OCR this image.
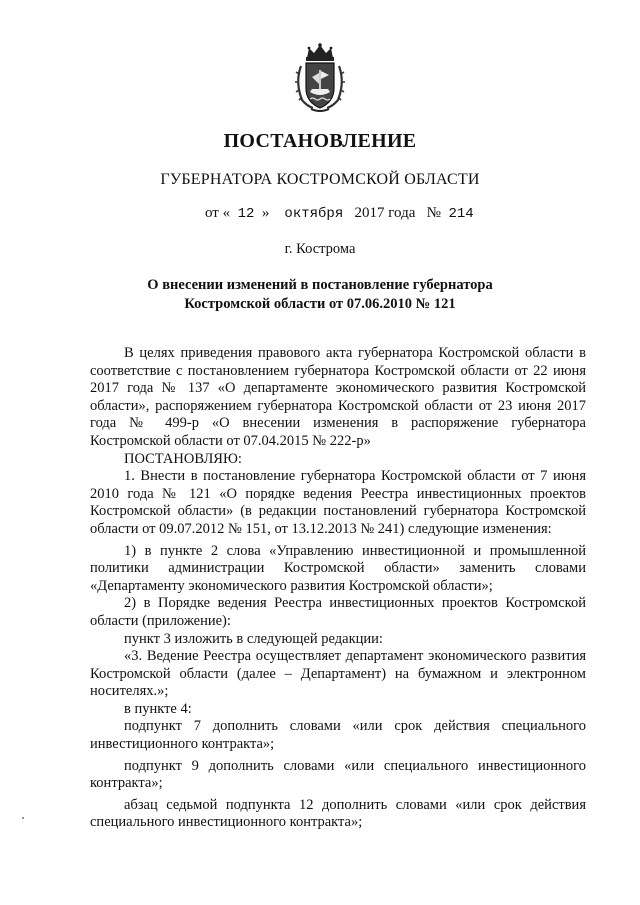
ПОСТАНОВЛЕНИЕ
ГУБЕРНАТОРА КОСТРОМСКОЙ ОБЛАСТИ
от « 12 » октября 2017 года № 214
г. Кострома
О внесении изменений в постановление губернатора
Костромской области от 07.06.2010 № 121

В целях приведения правового акта губернатора Костромской области в соответствие с постановлением губернатора Костромской области от 22 июня 2017 года № 137 «О департаменте экономического развития Костромской области», распоряжением губернатора Костромской области от 23 июня 2017 года № 499-р «О внесении изменения в распоряжение губернатора Костромской области от 07.04.2015 № 222-р»

ПОСТАНОВЛЯЮ:

1. Внести в постановление губернатора Костромской области от 7 июня 2010 года № 121 «О порядке ведения Реестра инвестиционных проектов Костромской области» (в редакции постановлений губернатора Костромской области от 09.07.2012 № 151, от 13.12.2013 № 241) следующие изменения:

1) в пункте 2 слова «Управлению инвестиционной и промышленной политики администрации Костромской области» заменить словами «Департаменту экономического развития Костромской области»;

2) в Порядке ведения Реестра инвестиционных проектов Костромской области (приложение):

пункт 3 изложить в следующей редакции:

«3. Ведение Реестра осуществляет департамент экономического развития Костромской области (далее – Департамент) на бумажном и электронном носителях.»;

в пункте 4:

подпункт 7 дополнить словами «или срок действия специального инвестиционного контракта»;

подпункт 9 дополнить словами «или специального инвестиционного контракта»;

абзац седьмой подпункта 12 дополнить словами «или срок действия специального инвестиционного контракта»;
